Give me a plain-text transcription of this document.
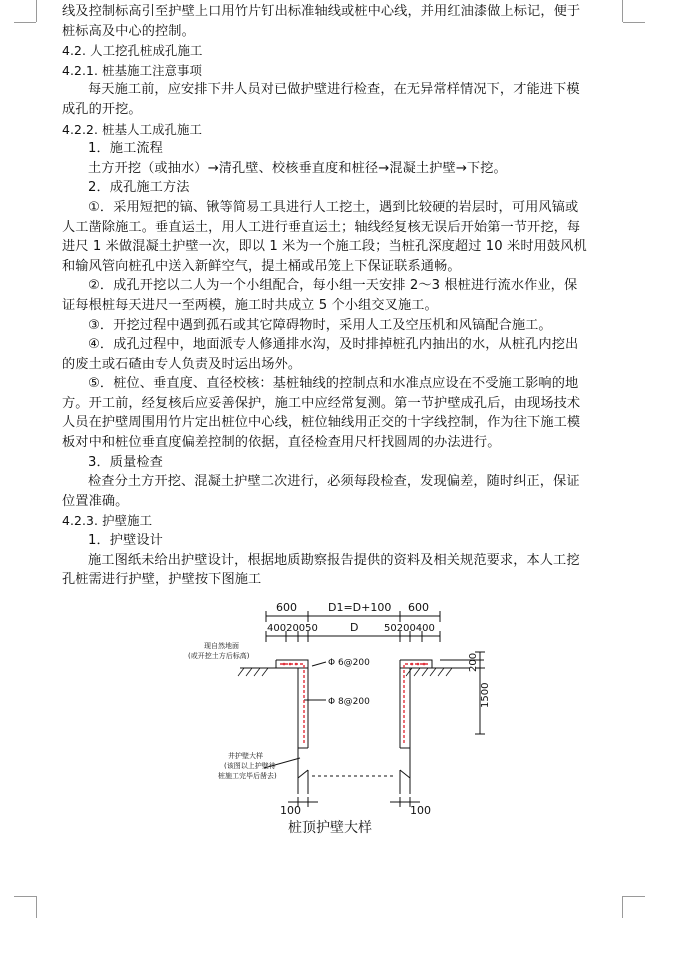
线及控制标高引至护壁上口用竹片钉出标准轴线或桩中心线，并用红油漆做上标记，便于
桩标高及中心的控制。
4.2. 人工挖孔桩成孔施工
4.2.1. 桩基施工注意事项
每天施工前，应安排下井人员对已做护壁进行检查，在无异常样情况下，才能进下模
成孔的开挖。
4.2.2. 桩基人工成孔施工
1．施工流程
土方开挖（或抽水）→清孔壁、校核垂直度和桩径→混凝土护壁→下挖。
2．成孔施工方法
①．采用短把的镐、锹等简易工具进行人工挖土，遇到比较硬的岩层时，可用风镐或
人工凿除施工。垂直运土，用人工进行垂直运土；轴线经复核无误后开始第一节开挖，每
进尺 1 米做混凝土护壁一次，即以 1 米为一个施工段；当桩孔深度超过 10 米时用鼓风机
和输风管向桩孔中送入新鲜空气，提土桶或吊笼上下保证联系通畅。
②．成孔开挖以二人为一个小组配合，每小组一天安排 2～3 根桩进行流水作业，保
证每根桩每天进尺一至两模，施工时共成立 5 个小组交叉施工。
③．开挖过程中遇到孤石或其它障碍物时，采用人工及空压机和风镐配合施工。
④．成孔过程中，地面派专人修通排水沟，及时排掉桩孔内抽出的水，从桩孔内挖出
的废土或石碴由专人负责及时运出场外。
⑤．桩位、垂直度、直径校核：基桩轴线的控制点和水准点应设在不受施工影响的地
方。开工前，经复核后应妥善保护，施工中应经常复测。第一节护壁成孔后，由现场技术
人员在护壁周围用竹片定出桩位中心线，桩位轴线用正交的十字线控制，作为往下施工模
板对中和桩位垂直度偏差控制的依据，直径检查用尺杆找圆周的办法进行。
3．质量检查
检查分土方开挖、混凝土护壁二次进行，必须每段检查，发现偏差，随时纠正，保证
位置准确。
4.2.3. 护壁施工
1．护壁设计
施工图纸未给出护壁设计，根据地质勘察报告提供的资料及相关规范要求，本人工挖
孔桩需进行护壁，护壁按下图施工
600	D1=D+100 600
40020050	D	50200400
现自然地面
(或开挖土方后标高)
Φ 6@200
Φ 8@200
200
1500
井护壁大样
(该图以上护壁待
桩施工完毕后凿去)
100	100
桩顶护壁大样
